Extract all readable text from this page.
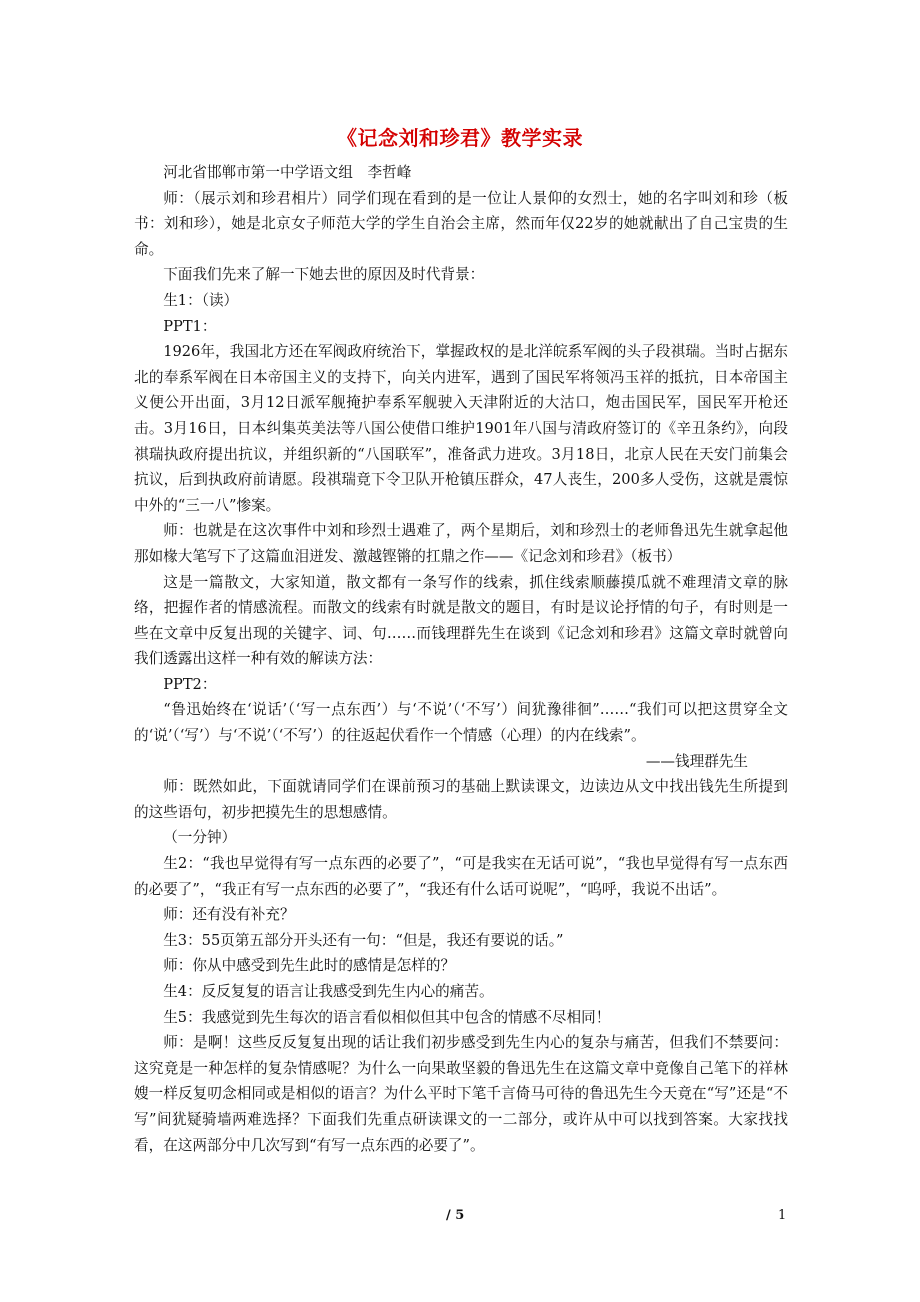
《记念刘和珍君》教学实录

河北省邯郸市第一中学语文组　李哲峰

师：（展示刘和珍君相片）同学们现在看到的是一位让人景仰的女烈士，她的名字叫刘和珍（板书：刘和珍），她是北京女子师范大学的学生自治会主席，然而年仅22岁的她就献出了自己宝贵的生命。

下面我们先来了解一下她去世的原因及时代背景：

生1：（读）

PPT1：

1926年，我国北方还在军阀政府统治下，掌握政权的是北洋皖系军阀的头子段祺瑞。当时占据东北的奉系军阀在日本帝国主义的支持下，向关内进军，遇到了国民军将领冯玉祥的抵抗，日本帝国主义便公开出面，3月12日派军舰掩护奉系军舰驶入天津附近的大沽口，炮击国民军，国民军开枪还击。3月16日，日本纠集英美法等八国公使借口维护1901年八国与清政府签订的《辛丑条约》，向段祺瑞执政府提出抗议，并组织新的“八国联军”，准备武力进攻。3月18日，北京人民在天安门前集会抗议，后到执政府前请愿。段祺瑞竟下令卫队开枪镇压群众，47人丧生，200多人受伤，这就是震惊中外的“三一八”惨案。

师：也就是在这次事件中刘和珍烈士遇难了，两个星期后，刘和珍烈士的老师鲁迅先生就拿起他那如椽大笔写下了这篇血泪迸发、激越铿锵的扛鼎之作——《记念刘和珍君》（板书）

这是一篇散文，大家知道，散文都有一条写作的线索，抓住线索顺藤摸瓜就不难理清文章的脉络，把握作者的情感流程。而散文的线索有时就是散文的题目，有时是议论抒情的句子，有时则是一些在文章中反复出现的关键字、词、句……而钱理群先生在谈到《记念刘和珍君》这篇文章时就曾向我们透露出这样一种有效的解读方法：

PPT2：

“鲁迅始终在‘说话’（‘写一点东西’）与‘不说’（‘不写’）间犹豫徘徊”……“我们可以把这贯穿全文的‘说’（‘写’）与‘不说’（‘不写’）的往返起伏看作一个情感（心理）的内在线索”。

——钱理群先生

师：既然如此，下面就请同学们在课前预习的基础上默读课文，边读边从文中找出钱先生所提到的这些语句，初步把摸先生的思想感情。

（一分钟）

生2：“我也早觉得有写一点东西的必要了”，“可是我实在无话可说”，“我也早觉得有写一点东西的必要了”，“我正有写一点东西的必要了”，“我还有什么话可说呢”，“呜呼，我说不出话”。

师：还有没有补充？

生3：55页第五部分开头还有一句：“但是，我还有要说的话。”

师：你从中感受到先生此时的感情是怎样的？

生4：反反复复的语言让我感受到先生内心的痛苦。

生5：我感觉到先生每次的语言看似相似但其中包含的情感不尽相同！

师：是啊！这些反反复复出现的话让我们初步感受到先生内心的复杂与痛苦，但我们不禁要问：这究竟是一种怎样的复杂情感呢？为什么一向果敢坚毅的鲁迅先生在这篇文章中竟像自己笔下的祥林嫂一样反复叨念相同或是相似的语言？为什么平时下笔千言倚马可待的鲁迅先生今天竟在“写”还是“不写”间犹疑骑墙两难选择？下面我们先重点研读课文的一二部分，或许从中可以找到答案。大家找找看，在这两部分中几次写到“有写一点东西的必要了”。

/ 5	1
